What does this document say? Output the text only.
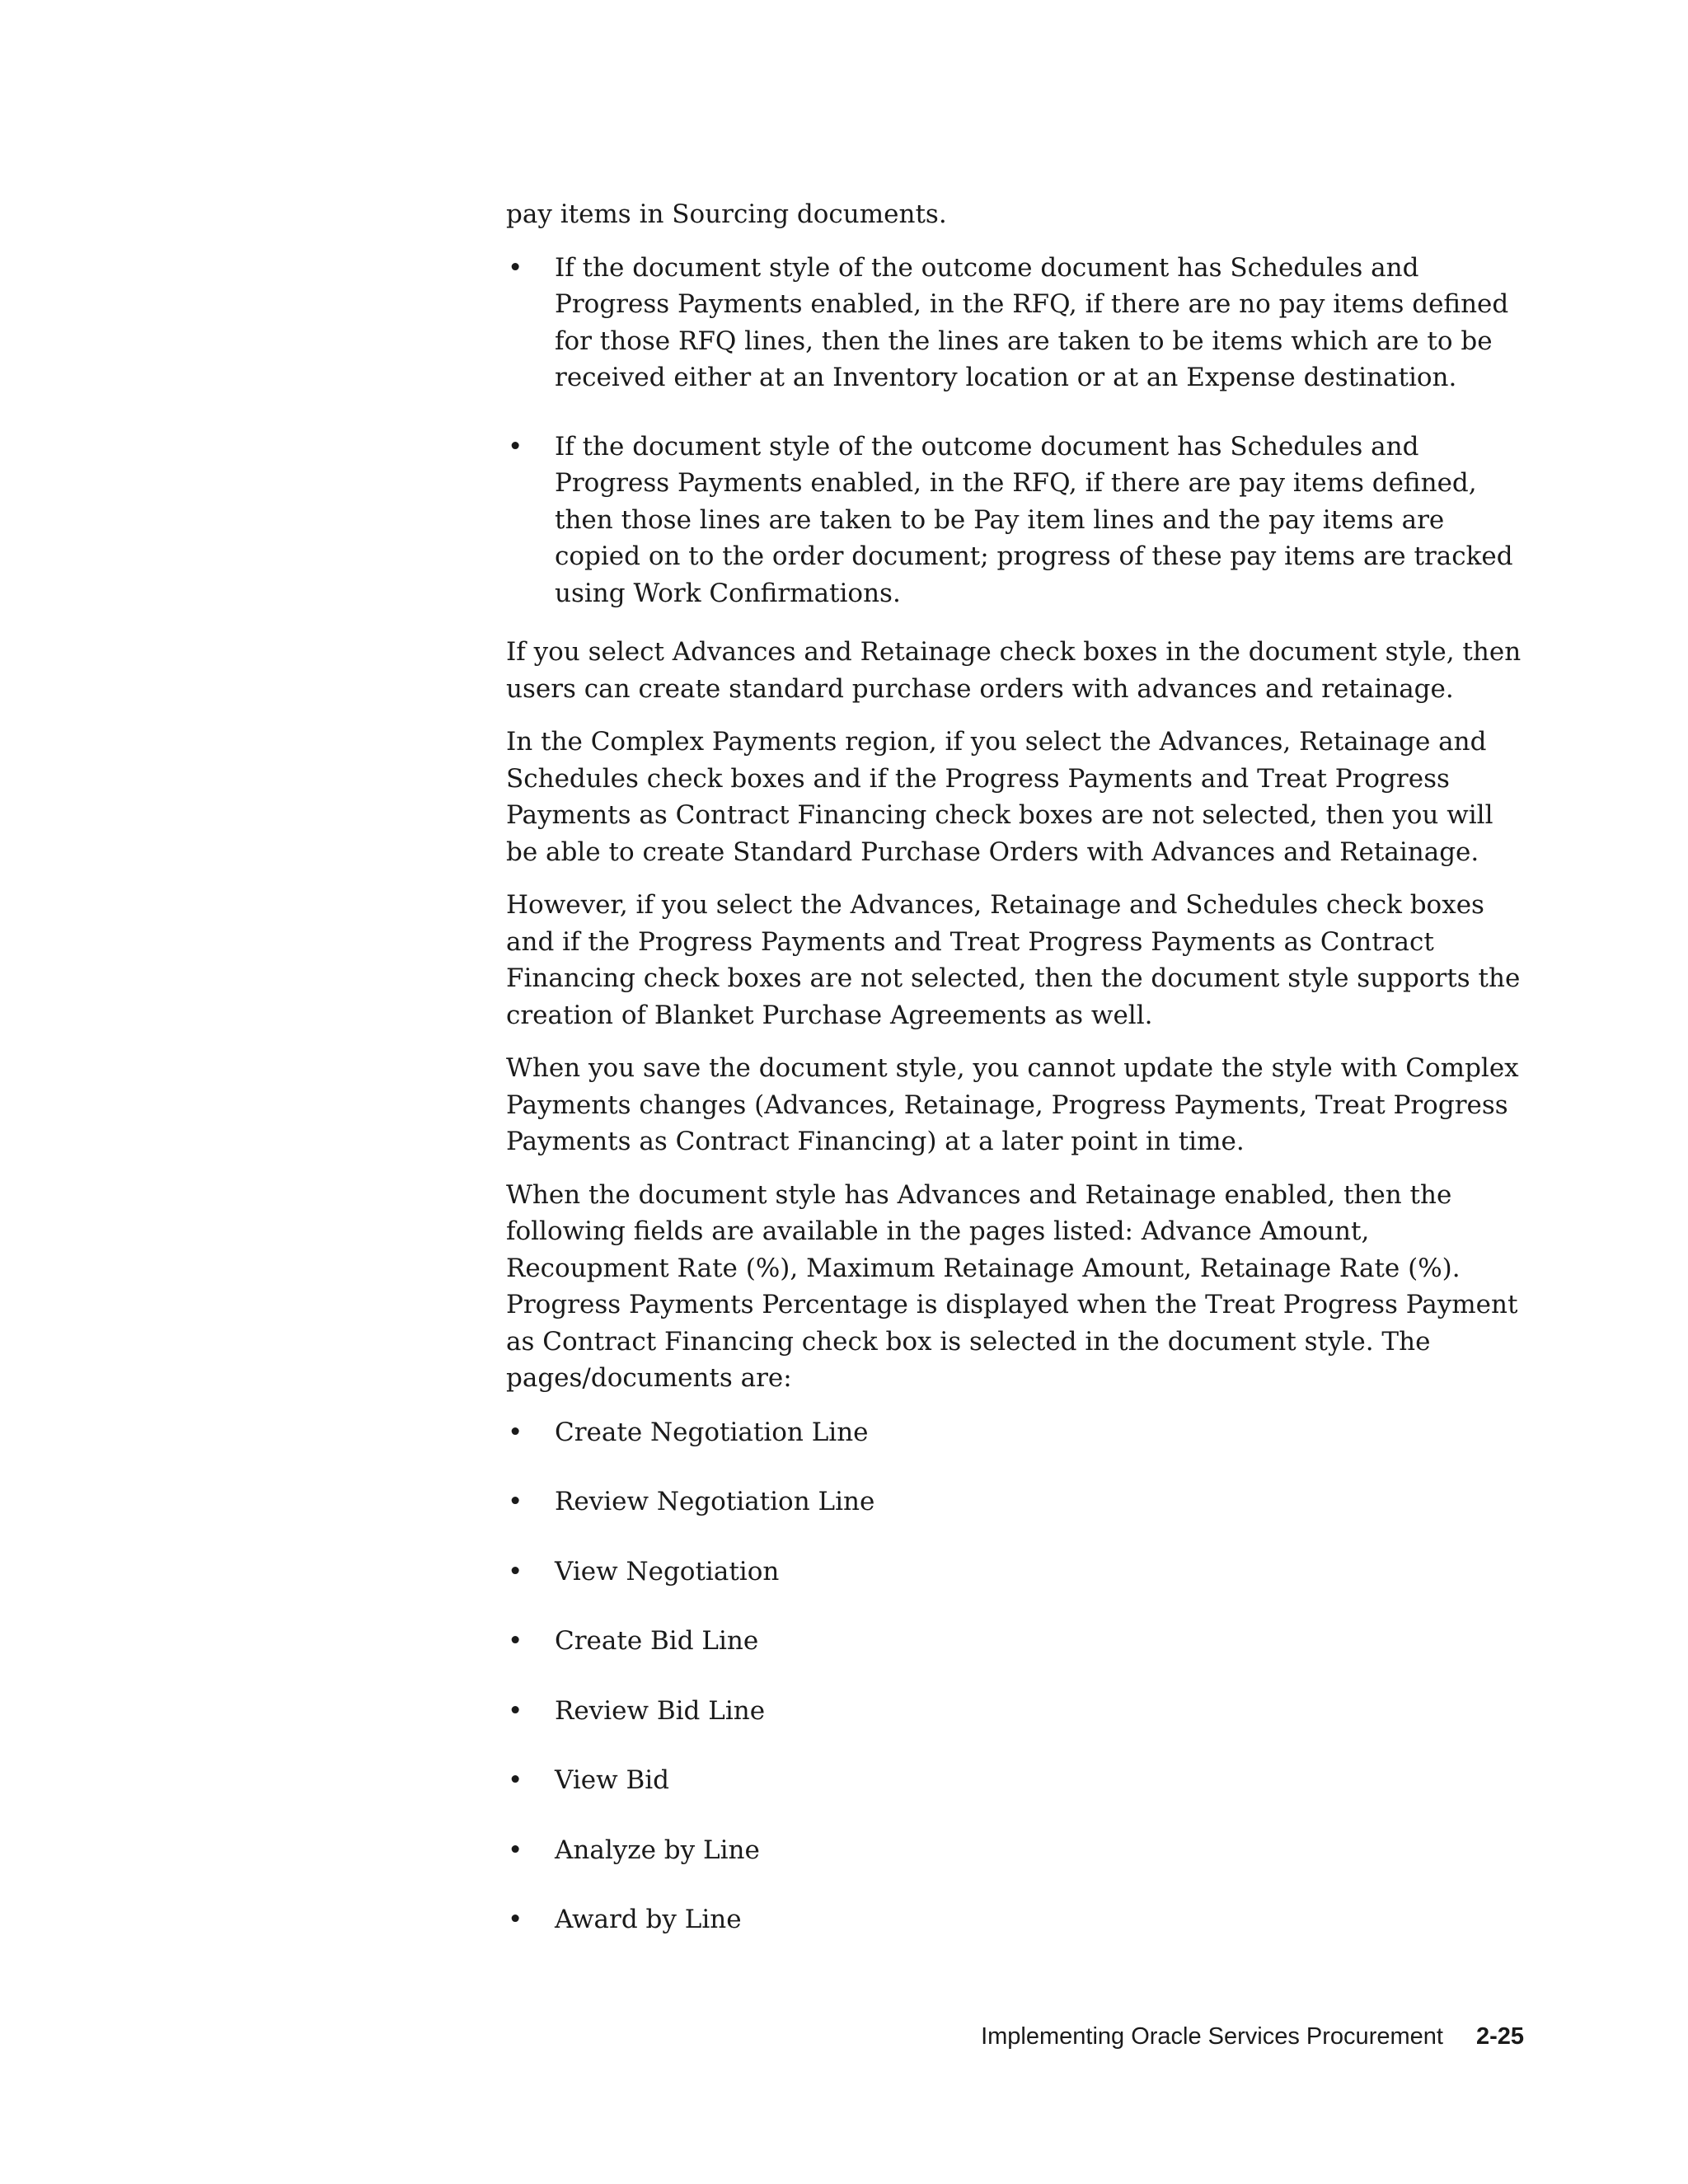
pay items in Sourcing documents.

• If the document style of the outcome document has Schedules and Progress Payments enabled, in the RFQ, if there are no pay items defined for those RFQ lines, then the lines are taken to be items which are to be received either at an Inventory location or at an Expense destination.
• If the document style of the outcome document has Schedules and Progress Payments enabled, in the RFQ, if there are pay items defined, then those lines are taken to be Pay item lines and the pay items are copied on to the order document; progress of these pay items are tracked using Work Confirmations.

If you select Advances and Retainage check boxes in the document style, then users can create standard purchase orders with advances and retainage.

In the Complex Payments region, if you select the Advances, Retainage and Schedules check boxes and if the Progress Payments and Treat Progress Payments as Contract Financing check boxes are not selected, then you will be able to create Standard Purchase Orders with Advances and Retainage.

However, if you select the Advances, Retainage and Schedules check boxes and if the Progress Payments and Treat Progress Payments as Contract Financing check boxes are not selected, then the document style supports the creation of Blanket Purchase Agreements as well.

When you save the document style, you cannot update the style with Complex Payments changes (Advances, Retainage, Progress Payments, Treat Progress Payments as Contract Financing) at a later point in time.

When the document style has Advances and Retainage enabled, then the following fields are available in the pages listed: Advance Amount, Recoupment Rate (%), Maximum Retainage Amount, Retainage Rate (%). Progress Payments Percentage is displayed when the Treat Progress Payment as Contract Financing check box is selected in the document style. The pages/documents are:

• Create Negotiation Line
• Review Negotiation Line
• View Negotiation
• Create Bid Line
• Review Bid Line
• View Bid
• Analyze by Line
• Award by Line
Implementing Oracle Services Procurement 2-25
